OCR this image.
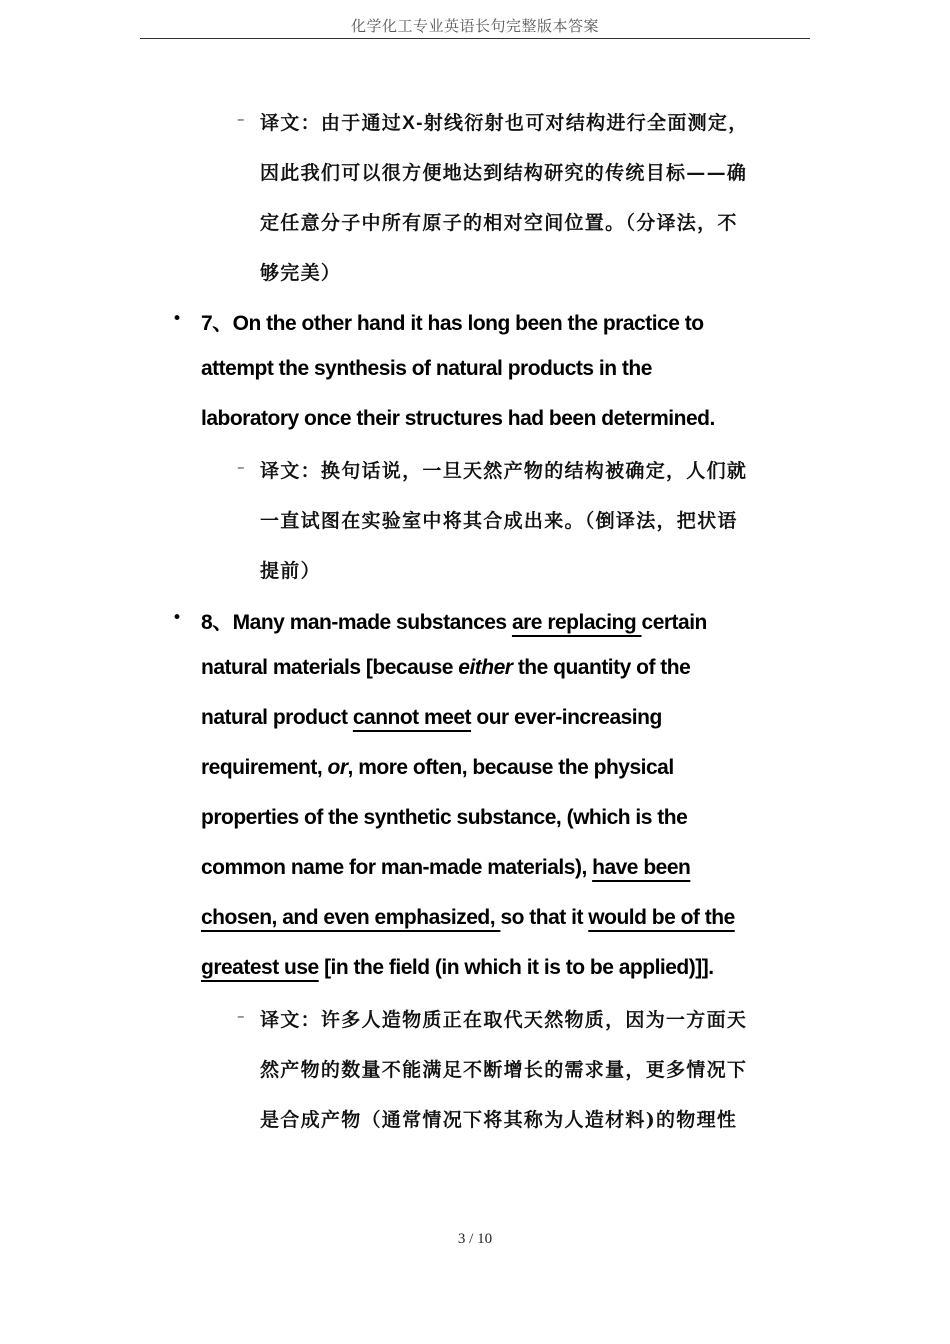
化学化工专业英语长句完整版本答案
– 译文：由于通过X-射线衍射也可对结构进行全面测定，
因此我们可以很方便地达到结构研究的传统目标——确
定任意分子中所有原子的相对空间位置。（分译法，不
够完美）
• 7、On the other hand it has long been the practice to
attempt the synthesis of natural products in the
laboratory once their structures had been determined.
– 译文：换句话说，一旦天然产物的结构被确定，人们就
一直试图在实验室中将其合成出来。（倒译法，把状语
提前）
• 8、Many man-made substances are replacing certain
natural materials [because either the quantity of the
natural product cannot meet our ever-increasing
requirement, or, more often, because the physical
properties of the synthetic substance, (which is the
common name for man-made materials), have been
chosen, and even emphasized, so that it would be of the
greatest use [in the field (in which it is to be applied)]].
– 译文：许多人造物质正在取代天然物质，因为一方面天
然产物的数量不能满足不断增长的需求量，更多情况下
是合成产物（通常情况下将其称为人造材料)的物理性
3 / 10
